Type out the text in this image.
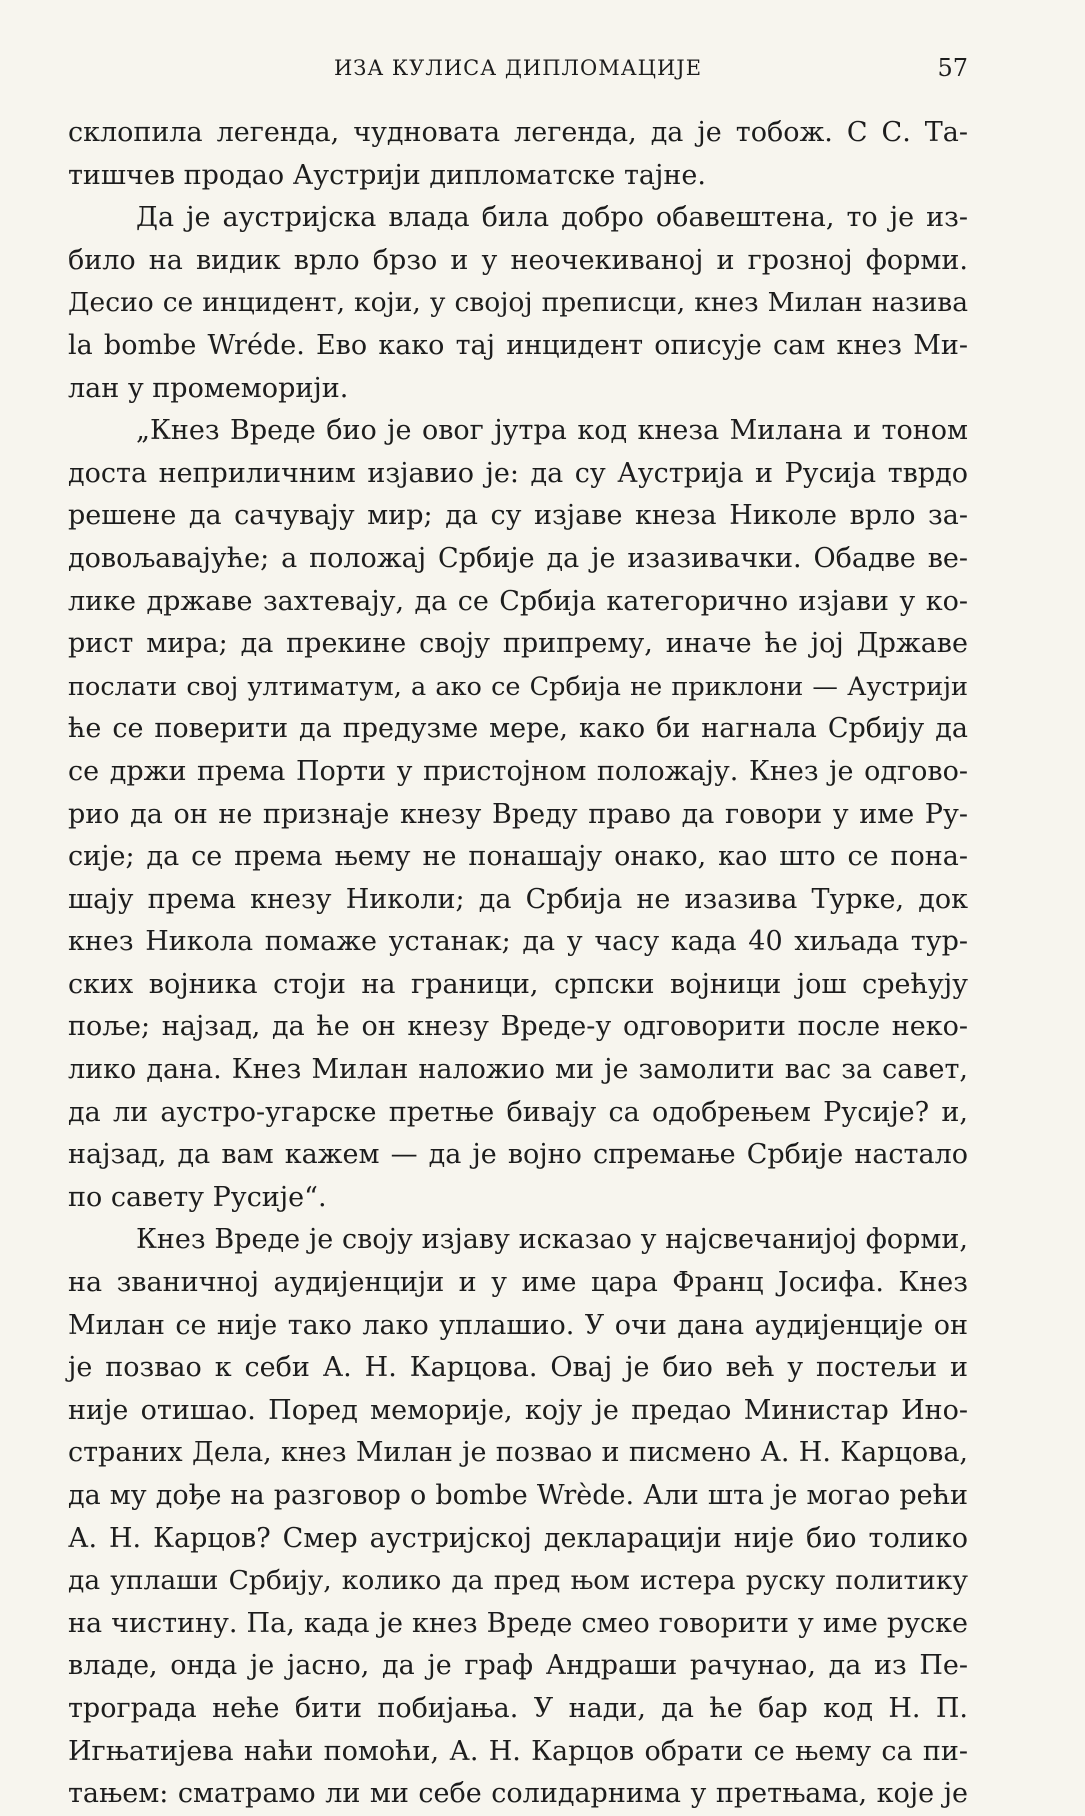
ИЗА КУЛИСА ДИПЛОМАЦИЈЕ	57
склопила легенда, чудновата легенда, да је тобож. С С. Та-
тишчев продао Аустрији дипломатске тајне.
Да је аустријска влада била добро обавештена, то је из-
било на видик врло брзо и у неочекиваној и грозној форми.
Десио се инцидент, који, у својој преписци, кнез Милан назива
la bombe Wréde. Ево како тај инцидент описује сам кнез Ми-
лан у промеморији.
„Кнез Вреде био је овог јутра код кнеза Милана и тоном
доста неприличним изјавио је: да су Аустрија и Русија тврдо
решене да сачувају мир; да су изјаве кнеза Николе врло за-
довољавајуће; а положај Србије да је изазивачки. Обадве ве-
лике државе захтевају, да се Србија категорично изјави у ко-
рист мира; да прекине своју припрему, иначе ће јој Државе
послати свој ултиматум, а ако се Србија не приклони — Аустрији
ће се поверити да предузме мере, како би нагнала Србију да
се држи према Порти у пристојном положају. Кнез је одгово-
рио да он не признаје кнезу Вреду право да говори у име Ру-
сије; да се према њему не понашају онако, као што се пона-
шају према кнезу Николи; да Србија не изазива Турке, док
кнез Никола помаже устанак; да у часу када 40 хиљада тур-
ских војника стоји на граници, српски војници још срећују
поље; најзад, да ће он кнезу Вреде-у одговорити после неко-
лико дана. Кнез Милан наложио ми је замолити вас за савет,
да ли аустро-угарске претње бивају са одобрењем Русије? и,
најзад, да вам кажем — да је војно спремање Србије настало
по савету Русије“.
Кнез Вреде је своју изјаву исказао у најсвечанијој форми,
на званичној аудијенцији и у име цара Франц Јосифа. Кнез
Милан се није тако лако уплашио. У очи дана аудијенције он
је позвао к себи А. Н. Карцова. Овај је био већ у постељи и
није отишао. Поред меморије, коју је предао Министар Ино-
страних Дела, кнез Милан је позвао и писмено А. Н. Карцова,
да му дође на разговор о bombe Wrède. Али шта је могао рећи
А. Н. Карцов? Смер аустријској декларацији није био толико
да уплаши Србију, колико да пред њом истера руску политику
на чистину. Па, када је кнез Вреде смео говорити у име руске
владе, онда је јасно, да је граф Андраши рачунао, да из Пе-
трограда неће бити побијања. У нади, да ће бар код Н. П.
Игњатијева наћи помоћи, А. Н. Карцов обрати се њему са пи-
тањем: сматрамо ли ми себе солидарнима у претњама, које је
